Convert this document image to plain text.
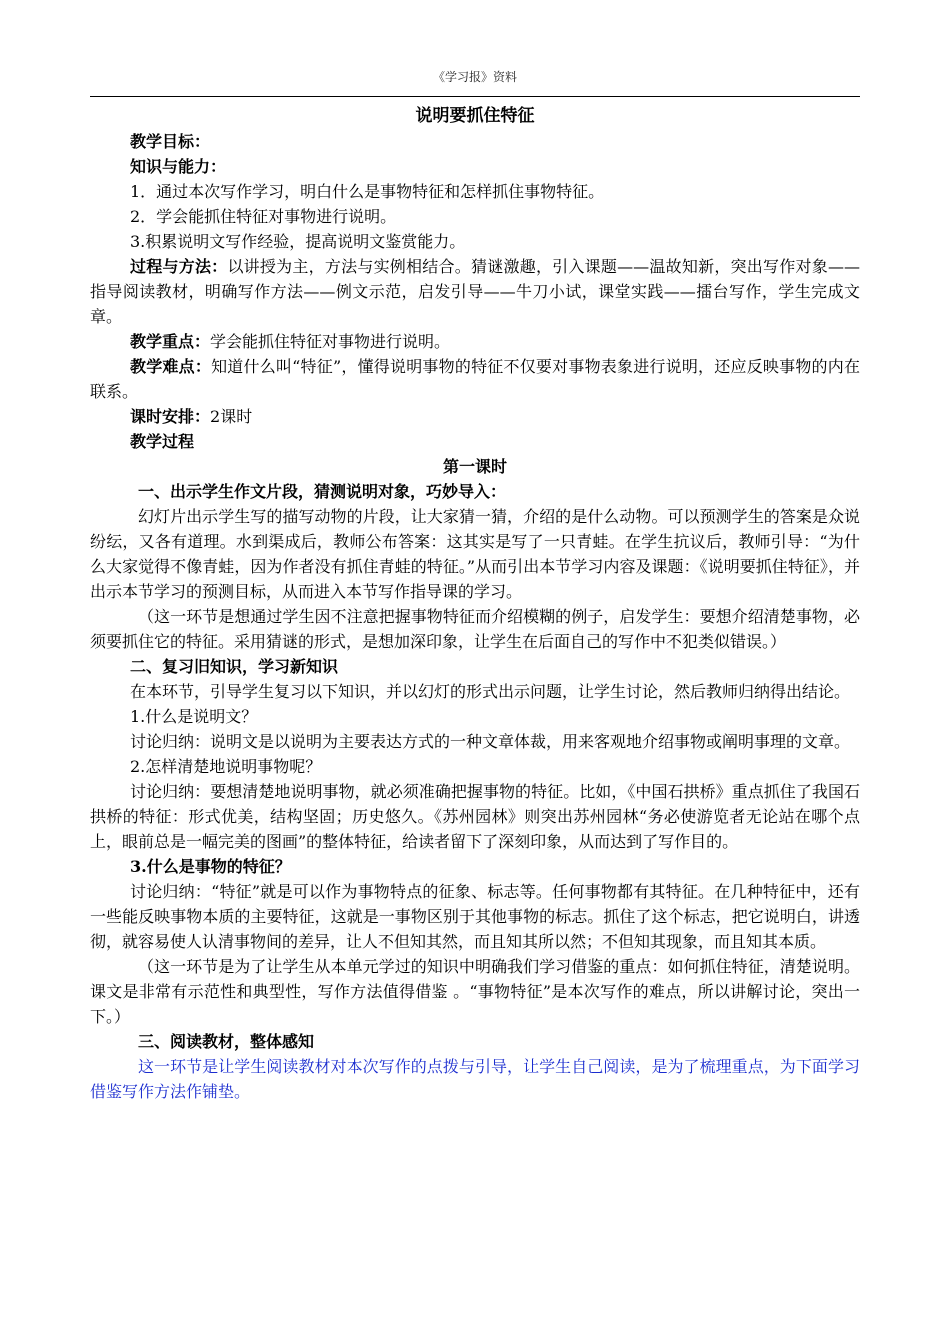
《学习报》资料

说明要抓住特征

教学目标：

知识与能力：

1．通过本次写作学习，明白什么是事物特征和怎样抓住事物特征。

2．学会能抓住特征对事物进行说明。

3.积累说明文写作经验，提高说明文鉴赏能力。

过程与方法：以讲授为主，方法与实例相结合。猜谜激趣，引入课题——温故知新，突出写作对象——指导阅读教材，明确写作方法——例文示范，启发引导——牛刀小试，课堂实践——擂台写作，学生完成文章。

教学重点：学会能抓住特征对事物进行说明。

教学难点：知道什么叫“特征”，懂得说明事物的特征不仅要对事物表象进行说明，还应反映事物的内在联系。

课时安排：2课时

教学过程

第一课时

一、出示学生作文片段，猜测说明对象，巧妙导入：

幻灯片出示学生写的描写动物的片段，让大家猜一猜，介绍的是什么动物。可以预测学生的答案是众说纷纭，又各有道理。水到渠成后，教师公布答案：这其实是写了一只青蛙。在学生抗议后，教师引导：“为什么大家觉得不像青蛙，因为作者没有抓住青蛙的特征。”从而引出本节学习内容及课题：《说明要抓住特征》，并出示本节学习的预测目标，从而进入本节写作指导课的学习。

（这一环节是想通过学生因不注意把握事物特征而介绍模糊的例子，启发学生：要想介绍清楚事物，必须要抓住它的特征。采用猜谜的形式，是想加深印象，让学生在后面自己的写作中不犯类似错误。）

二、复习旧知识，学习新知识

在本环节，引导学生复习以下知识，并以幻灯的形式出示问题，让学生讨论，然后教师归纳得出结论。

1.什么是说明文？

讨论归纳：说明文是以说明为主要表达方式的一种文章体裁，用来客观地介绍事物或阐明事理的文章。

2.怎样清楚地说明事物呢？

讨论归纳：要想清楚地说明事物，就必须准确把握事物的特征。比如，《中国石拱桥》重点抓住了我国石拱桥的特征：形式优美，结构坚固；历史悠久。《苏州园林》则突出苏州园林“务必使游览者无论站在哪个点上，眼前总是一幅完美的图画”的整体特征，给读者留下了深刻印象，从而达到了写作目的。

3.什么是事物的特征？

讨论归纳：“特征”就是可以作为事物特点的征象、标志等。任何事物都有其特征。在几种特征中，还有一些能反映事物本质的主要特征，这就是一事物区别于其他事物的标志。抓住了这个标志，把它说明白，讲透彻，就容易使人认清事物间的差异，让人不但知其然，而且知其所以然；不但知其现象，而且知其本质。

（这一环节是为了让学生从本单元学过的知识中明确我们学习借鉴的重点：如何抓住特征，清楚说明。课文是非常有示范性和典型性，写作方法值得借鉴 。“事物特征”是本次写作的难点，所以讲解讨论，突出一下。）

三、阅读教材，整体感知

这一环节是让学生阅读教材对本次写作的点拨与引导，让学生自己阅读，是为了梳理重点，为下面学习借鉴写作方法作铺垫。
